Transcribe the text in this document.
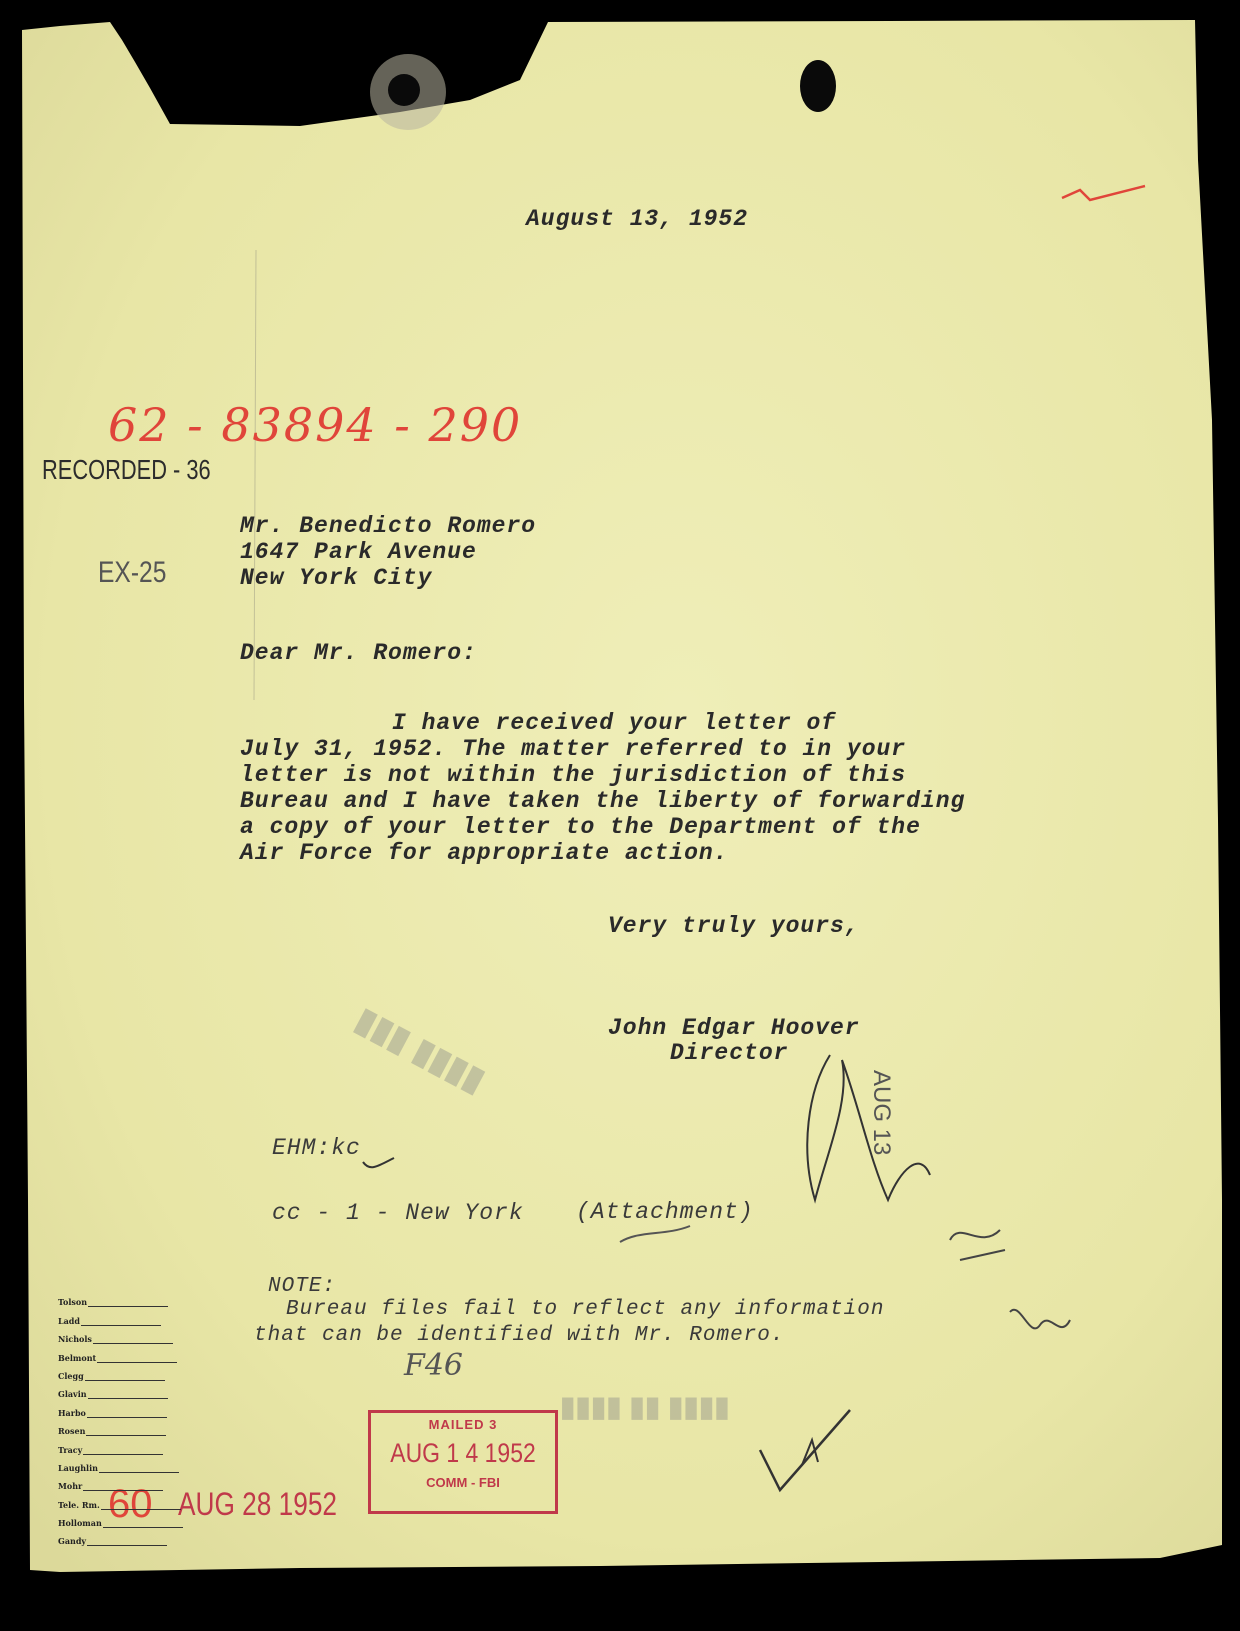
▮▮▮ ▮▮▮▮
▮▮▮▮ ▮▮ ▮▮▮▮
August 13, 1952
62 - 83894 - 290
RECORDED - 36
EX-25
Mr. Benedicto Romero
1647 Park Avenue
New York City
Dear Mr. Romero:
I have received your letter of
July 31, 1952. The matter referred to in your
letter is not within the jurisdiction of this
Bureau and I have taken the liberty of forwarding
a copy of your letter to the Department of the
Air Force for appropriate action.
Very truly yours,
John Edgar Hoover
Director
EHM:kc
cc - 1 - New York (Attachment)
NOTE:
Bureau files fail to reflect any information
that can be identified with Mr. Romero.
F46
AUG 13
MAILED 3
AUG 1 4 1952
COMM - FBI
60 AUG 28 1952
Tolson
Ladd
Nichols
Belmont
Clegg
Glavin
Harbo
Rosen
Tracy
Laughlin
Mohr
Tele. Rm.
Holloman
Gandy
